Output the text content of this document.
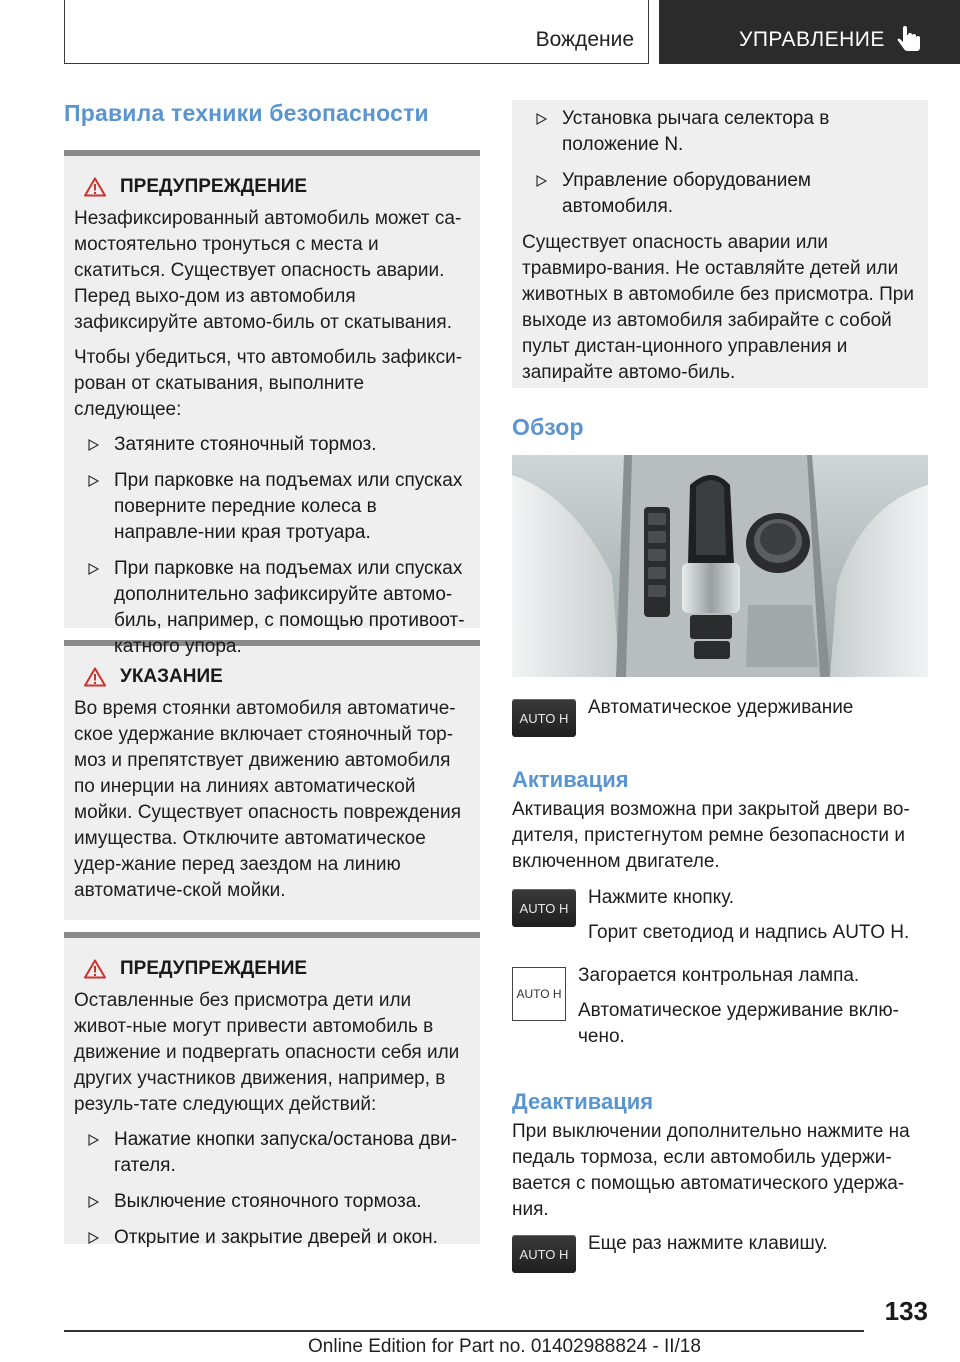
Вождение	УПРАВЛЕНИЕ
Правила техники безопасности
ПРЕДУПРЕЖДЕНИЕ

Незафиксированный автомобиль может са-мостоятельно тронуться с места и скатиться. Существует опасность аварии. Перед выхо-дом из автомобиля зафиксируйте автомо-биль от скатывания.

Чтобы убедиться, что автомобиль зафикси-рован от скатывания, выполните следующее:

Затяните стояночный тормоз.
При парковке на подъемах или спусках поверните передние колеса в направле-нии края тротуара.
При парковке на подъемах или спусках дополнительно зафиксируйте автомо-биль, например, с помощью противоот-катного упора.
УКАЗАНИЕ

Во время стоянки автомобиля автоматиче-ское удержание включает стояночный тор-моз и препятствует движению автомобиля по инерции на линиях автоматической мойки. Существует опасность повреждения имущества. Отключите автоматическое удер-жание перед заездом на линию автоматиче-ской мойки.

ПРЕДУПРЕЖДЕНИЕ

Оставленные без присмотра дети или живот-ные могут привести автомобиль в движение и подвергать опасности себя или других участников движения, например, в резуль-тате следующих действий:

Нажатие кнопки запуска/останова дви-гателя.
Выключение стояночного тормоза.
Открытие и закрытие дверей и окон.
Установка рычага селектора в положение N.
Управление оборудованием автомобиля.

Существует опасность аварии или травмиро-вания. Не оставляйте детей или животных в автомобиле без присмотра. При выходе из автомобиля забирайте с собой пульт дистан-ционного управления и запирайте автомо-биль.

Обзор
AUTO H Автоматическое удерживание

Активация

Активация возможна при закрытой двери во-дителя, пристегнутом ремне безопасности и включенном двигателе.

AUTO H Нажмите кнопку.

Горит светодиод и надпись AUTO H.

AUTO H

Загорается контрольная лампа.

Автоматическое удерживание вклю-чено.

Деактивация

При выключении дополнительно нажмите на педаль тормоза, если автомобиль удержи-вается с помощью автоматического удержа-ния.

AUTO H Еще раз нажмите клавишу.

133
Online Edition for Part no. 01402988824 - II/18
